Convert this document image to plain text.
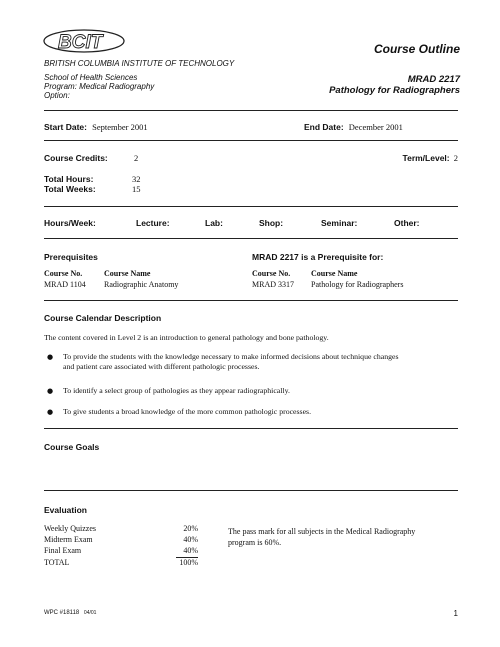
BCIT
BRITISH COLUMBIA INSTITUTE OF TECHNOLOGY
School of Health Sciences
Program: Medical Radiography
Option:
Course Outline
MRAD 2217
Pathology for Radiographers
Start Date: September 2001	End Date: December 2001
Course Credits:	2	Term/Level: 2
Total Hours:	32
Total Weeks:	15
Hours/Week:	Lecture:	Lab:	Shop:	Seminar:	Other:
Prerequisites
Course No.	Course Name
MRAD 1104 Radiographic Anatomy
MRAD 2217 is a Prerequisite for:
Course No.	Course Name
MRAD 3317 Pathology for Radiographers
Course Calendar Description
The content covered in Level 2 is an introduction to general pathology and bone pathology.
● To provide the students with the knowledge necessary to make informed decisions about technique changes
and patient care associated with different pathologic processes.
● To identify a select group of pathologies as they appear radiographically.
● To give students a broad knowledge of the more common pathologic processes.
Course Goals
Evaluation
Weekly Quizzes	20%
Midterm Exam	40%
Final Exam	40%
TOTAL	100%
The pass mark for all subjects in the Medical Radiography
program is 60%.
WPC #18118 04/01	1
